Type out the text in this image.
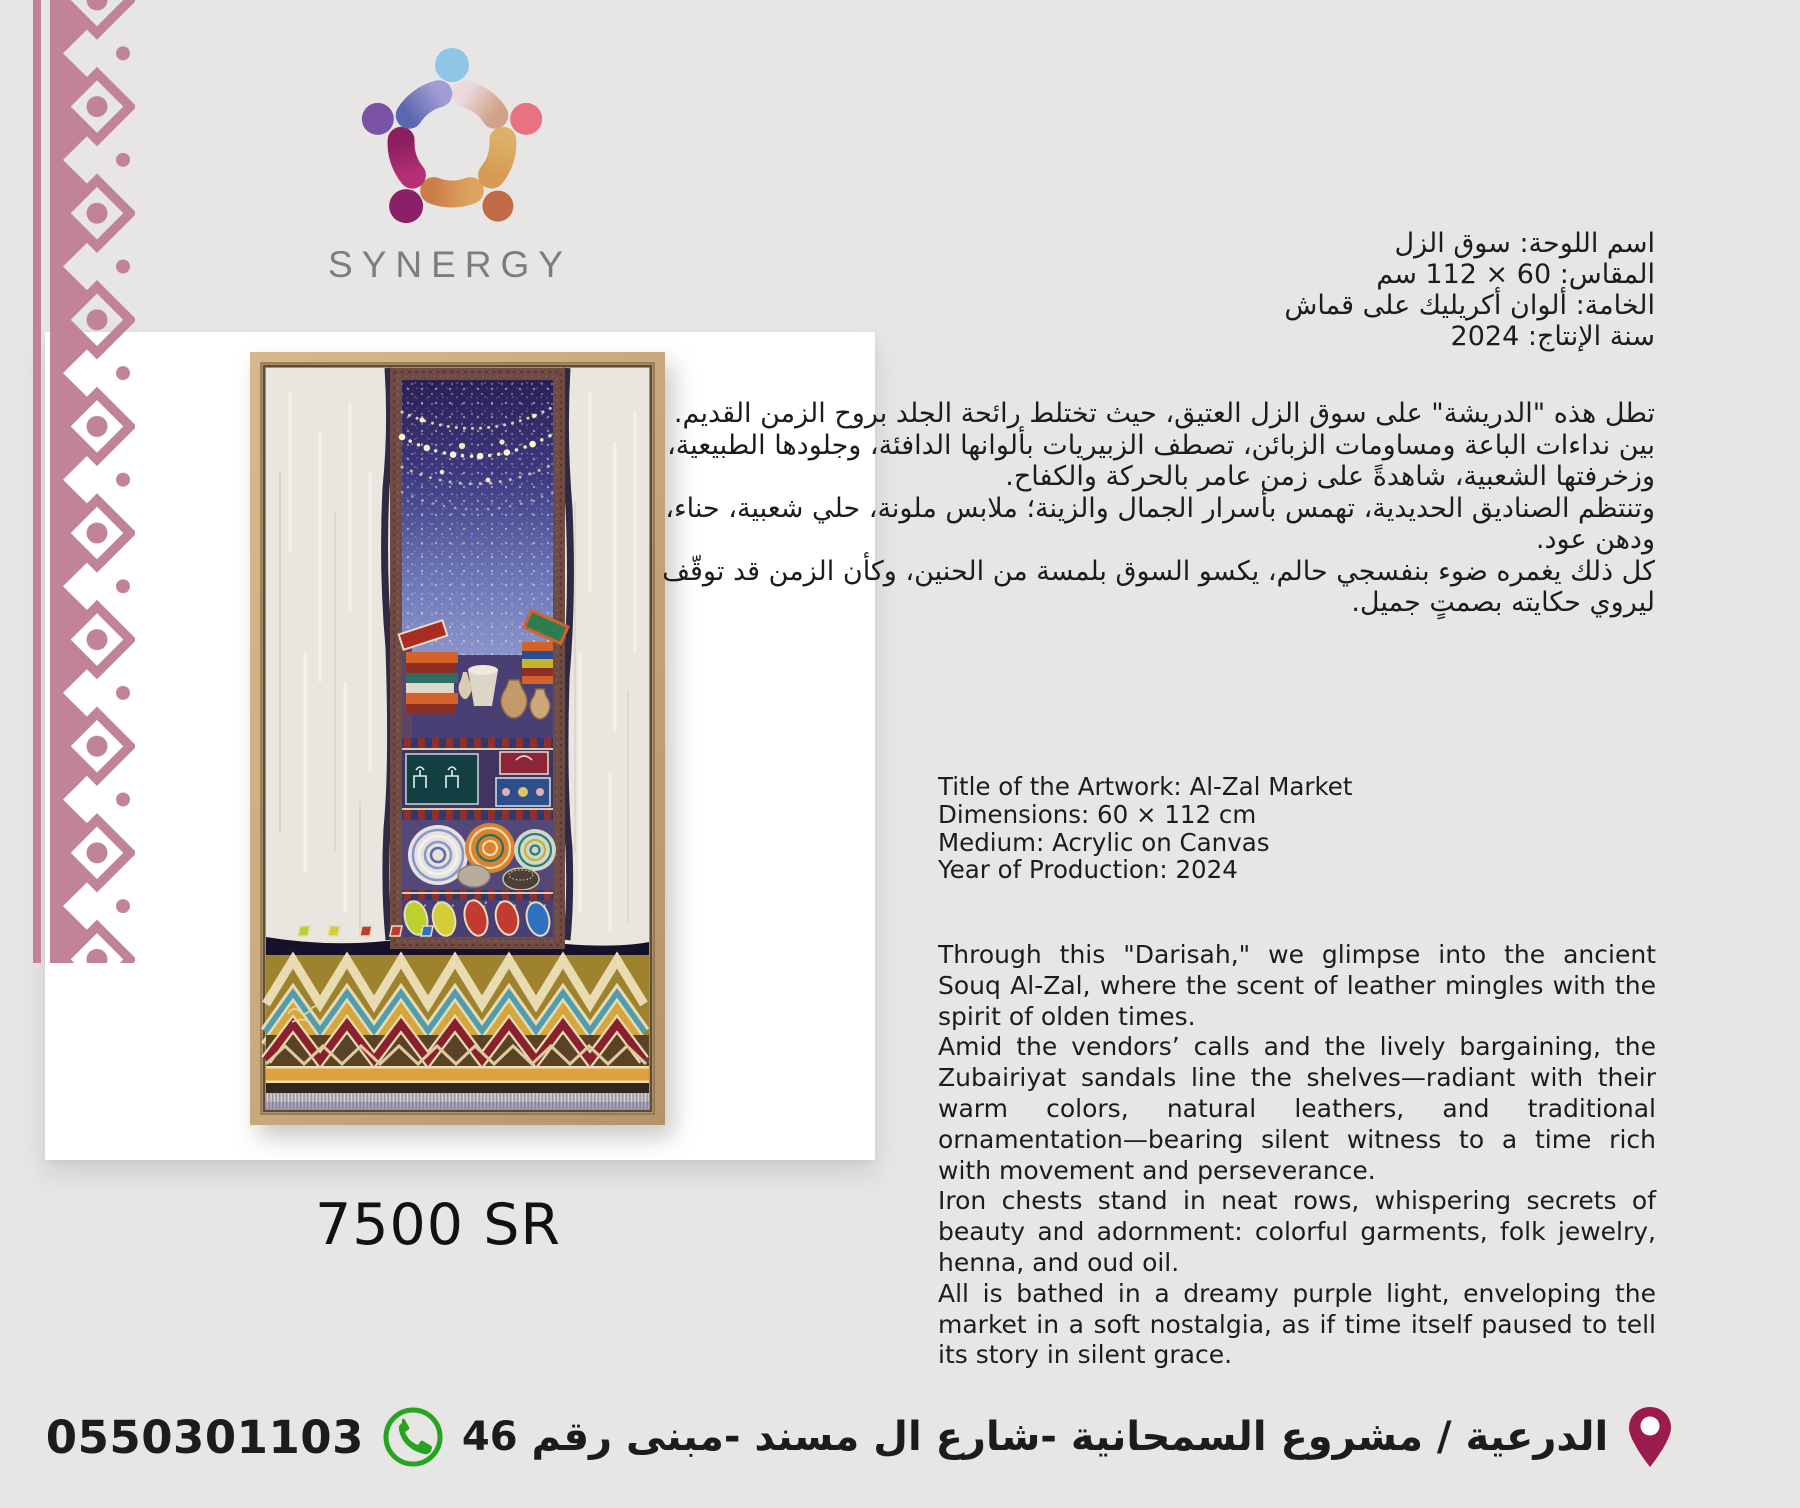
SYNERGY
7500 SR
اسم اللوحة: سوق الزل
المقاس: 60 × 112 سم
الخامة: ألوان أكريليك على قماش
سنة الإنتاج: 2024
تطل هذه "الدريشة" على سوق الزل العتيق، حيث تختلط رائحة الجلد بروح الزمن القديم.
بين نداءات الباعة ومساومات الزبائن، تصطف الزبيريات بألوانها الدافئة، وجلودها الطبيعية،
وزخرفتها الشعبية، شاهدةً على زمن عامر بالحركة والكفاح.
وتنتظم الصناديق الحديدية، تهمس بأسرار الجمال والزينة؛ ملابس ملونة، حلي شعبية، حناء،
ودهن عود.
كل ذلك يغمره ضوء بنفسجي حالم، يكسو السوق بلمسة من الحنين، وكأن الزمن قد توقّف
ليروي حكايته بصمتٍ جميل.
Title of the Artwork: Al-Zal Market
Dimensions: 60 × 112 cm
Medium: Acrylic on Canvas
Year of Production: 2024

Through this "Darisah," we glimpse into the ancient Souq Al-Zal, where the scent of leather mingles with the spirit of olden times.

Amid the vendors’ calls and the lively bargaining, the Zubairiyat sandals line the shelves—radiant with their warm colors, natural leathers, and traditional ornamentation—bearing silent witness to a time rich with movement and perseverance.

Iron chests stand in neat rows, whispering secrets of beauty and adornment: colorful garments, folk jewelry, henna, and oud oil.

All is bathed in a dreamy purple light, enveloping the market in a soft nostalgia, as if time itself paused to tell its story in silent grace.

الدرعية / مشروع السمحانية -شارع ال مسند -مبنى رقم 46
0550301103
